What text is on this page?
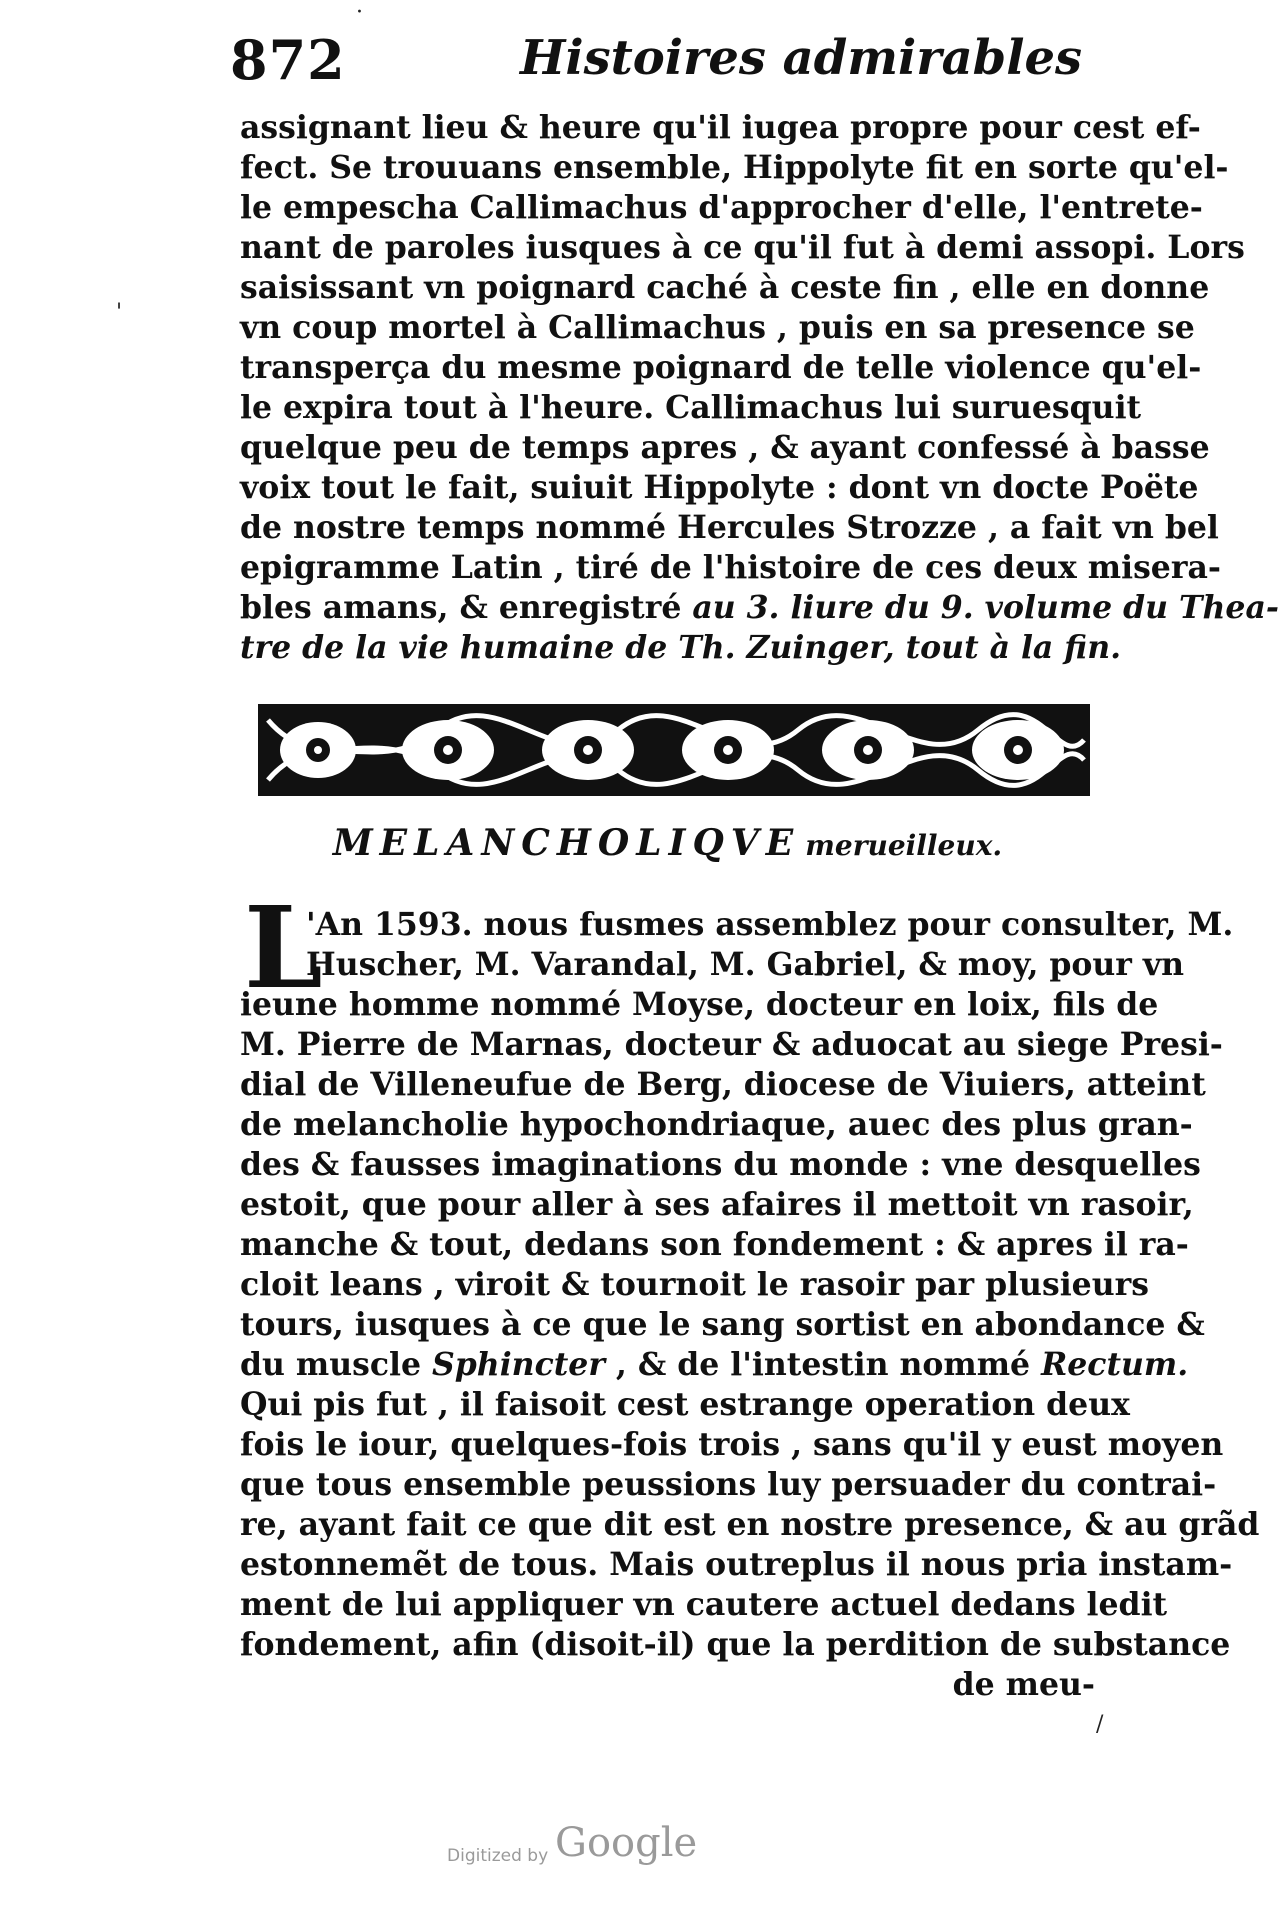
872	Histoires admirables
assignant lieu & heure qu'il iugea propre pour cest ef-
fect. Se trouuans ensemble, Hippolyte fit en sorte qu'el-
le empescha Callimachus d'approcher d'elle, l'entrete-
nant de paroles iusques à ce qu'il fut à demi assopi. Lors
saisissant vn poignard caché à ceste fin , elle en donne
vn coup mortel à Callimachus , puis en sa presence se
transperça du mesme poignard de telle violence qu'el-
le expira tout à l'heure. Callimachus lui suruesquit
quelque peu de temps apres , & ayant confessé à basse
voix tout le fait, suiuit Hippolyte : dont vn docte Poëte
de nostre temps nommé Hercules Strozze , a fait vn bel
epigramme Latin , tiré de l'histoire de ces deux misera-
bles amans, & enregistré au 3. liure du 9. volume du Thea-
tre de la vie humaine de Th. Zuinger, tout à la fin.
MELANCHOLIQVE merueilleux.
L
'An 1593. nous fusmes assemblez pour consulter, M.
Huscher, M. Varandal, M. Gabriel, & moy, pour vn
ieune homme nommé Moyse, docteur en loix, fils de
M. Pierre de Marnas, docteur & aduocat au siege Presi-
dial de Villeneufue de Berg, diocese de Viuiers, atteint
de melancholie hypochondriaque, auec des plus gran-
des & fausses imaginations du monde : vne desquelles
estoit, que pour aller à ses afaires il mettoit vn rasoir,
manche & tout, dedans son fondement : & apres il ra-
cloit leans , viroit & tournoit le rasoir par plusieurs
tours, iusques à ce que le sang sortist en abondance &
du muscle Sphincter , & de l'intestin nommé Rectum.
Qui pis fut , il faisoit cest estrange operation deux
fois le iour, quelques-fois trois , sans qu'il y eust moyen
que tous ensemble peussions luy persuader du contrai-
re, ayant fait ce que dit est en nostre presence, & au grãd
estonnemẽt de tous. Mais outreplus il nous pria instam-
ment de lui appliquer vn cautere actuel dedans ledit
fondement, afin (disoit-il) que la perdition de substance
de meu-
·
'
/
Digitized by Google
